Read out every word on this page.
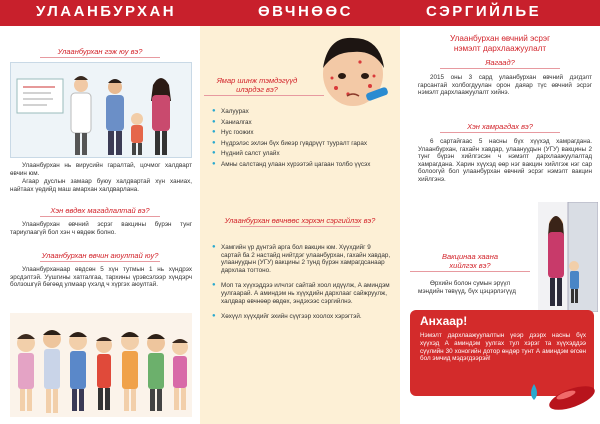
УЛААНБУРХАН	ӨВЧНӨӨС	СЭРГИЙЛЬЕ
Улаанбурхан гэж юу вэ?
Улаанбурхан нь вирусийн гаралтай, цочмог халдварт өвчин юм.
Агаар дуслын замаар буюу халдвартай хүн ханиах, найтаах үедийд маш амархан халдварлана.
Хэн өвдөх магадлалтай вэ?
Улаанбурхан өвчний эсрэг вакцины бүрэн тунг тариулаагүй бол хэн ч өвдөж болно.
Улаанбурхан өвчин аюултай юу?
Улаанбурханаар өвдсөн 5 хүн тутмын 1 нь хүндрэх эрсдэлтэй. Уушгины хатгалгаа, тархины үрэвсэлээр хүндэрч болзошгүй бөгөөд улмаар үхэлд ч хүргэх аюултай.
Ямар шинж тэмдэгүүд илэрдэг вэ?
● Халуурах
● Ханиалгах
● Нус гоожих
● Нүдрэлэс эхлэн бүх биеэр гүвдрүүт тууралт гарах
● Нүдний салст улайх
● Амны салстанд улаан хүрээтэй цагаан толбо үүсэх
Улаанбурхан өвчнөөс хэрхэн сэргийлэх вэ?
● Хамгийн үр дүнтэй арга бол вакцин юм. Хүүхдийг 9 сартай ба 2 настайд нийтдэг улаанбурхан, гахайн хавдар, улаануудын (УГУ) вакцины 2 тунд бүрэн хамрагдсанаар дархлаа тогтоно.
● Моп та хүүхэддээ илчлэг сайтай хоол идүүлж, А аминдэм уулгаарай. А аминдэм нь хүүхдийн дархлааг сайжруулж, халдвар өвчнөөр өвдөх, эндэхээс сэргийлнэ.
● Хөхүүл хүүхдийг эхийн сүүгээр хоолох хэрэгтэй.
Улаанбурхан өвчний эсрэг
нэмэлт дархлаажуулалт
Яагаад?
2015 оны 3 сард улаанбурхан өвчний дэгдэлт гарсантай холбогдуулан орон даяар түс өвчний эсрэг нэмэлт дархлаажуулалт хийнэ.
Хэн хамрагдах вэ?
6 сартайгаас 5 насны бүх хүүхэд хамрагдана. Улаанбурхан, гахайн хавдар, улаануудын (УГУ) вакцины 2 тунг бүрэн хийлгэсэн ч нэмэлт дархлаажуулалтад хамрагдана. Харин хүүхэд өөр нэг вакцин хийлгэж нэг сар болоогүй бол улаанбурхан өвчний эсрэг нэмэлт вакцин хийлгэнэ.
Вакцинаа хаана
хийлгэх вэ?
Өрхийн болон сумын эрүүл мэндийн төвүүд, бүх цэцэрлэгүүд
Анхаар!
Нэмэлт дархлаажуулалтын үеэр дээрх насны бүх хүүхэд А аминдэм уулгах тул хэрэг та хүүхэддээ сүүлийн 30 хоногийн дотор өндөр тунт А аминдэм өгсөн бол эмчид мэдэгдээрэй!
